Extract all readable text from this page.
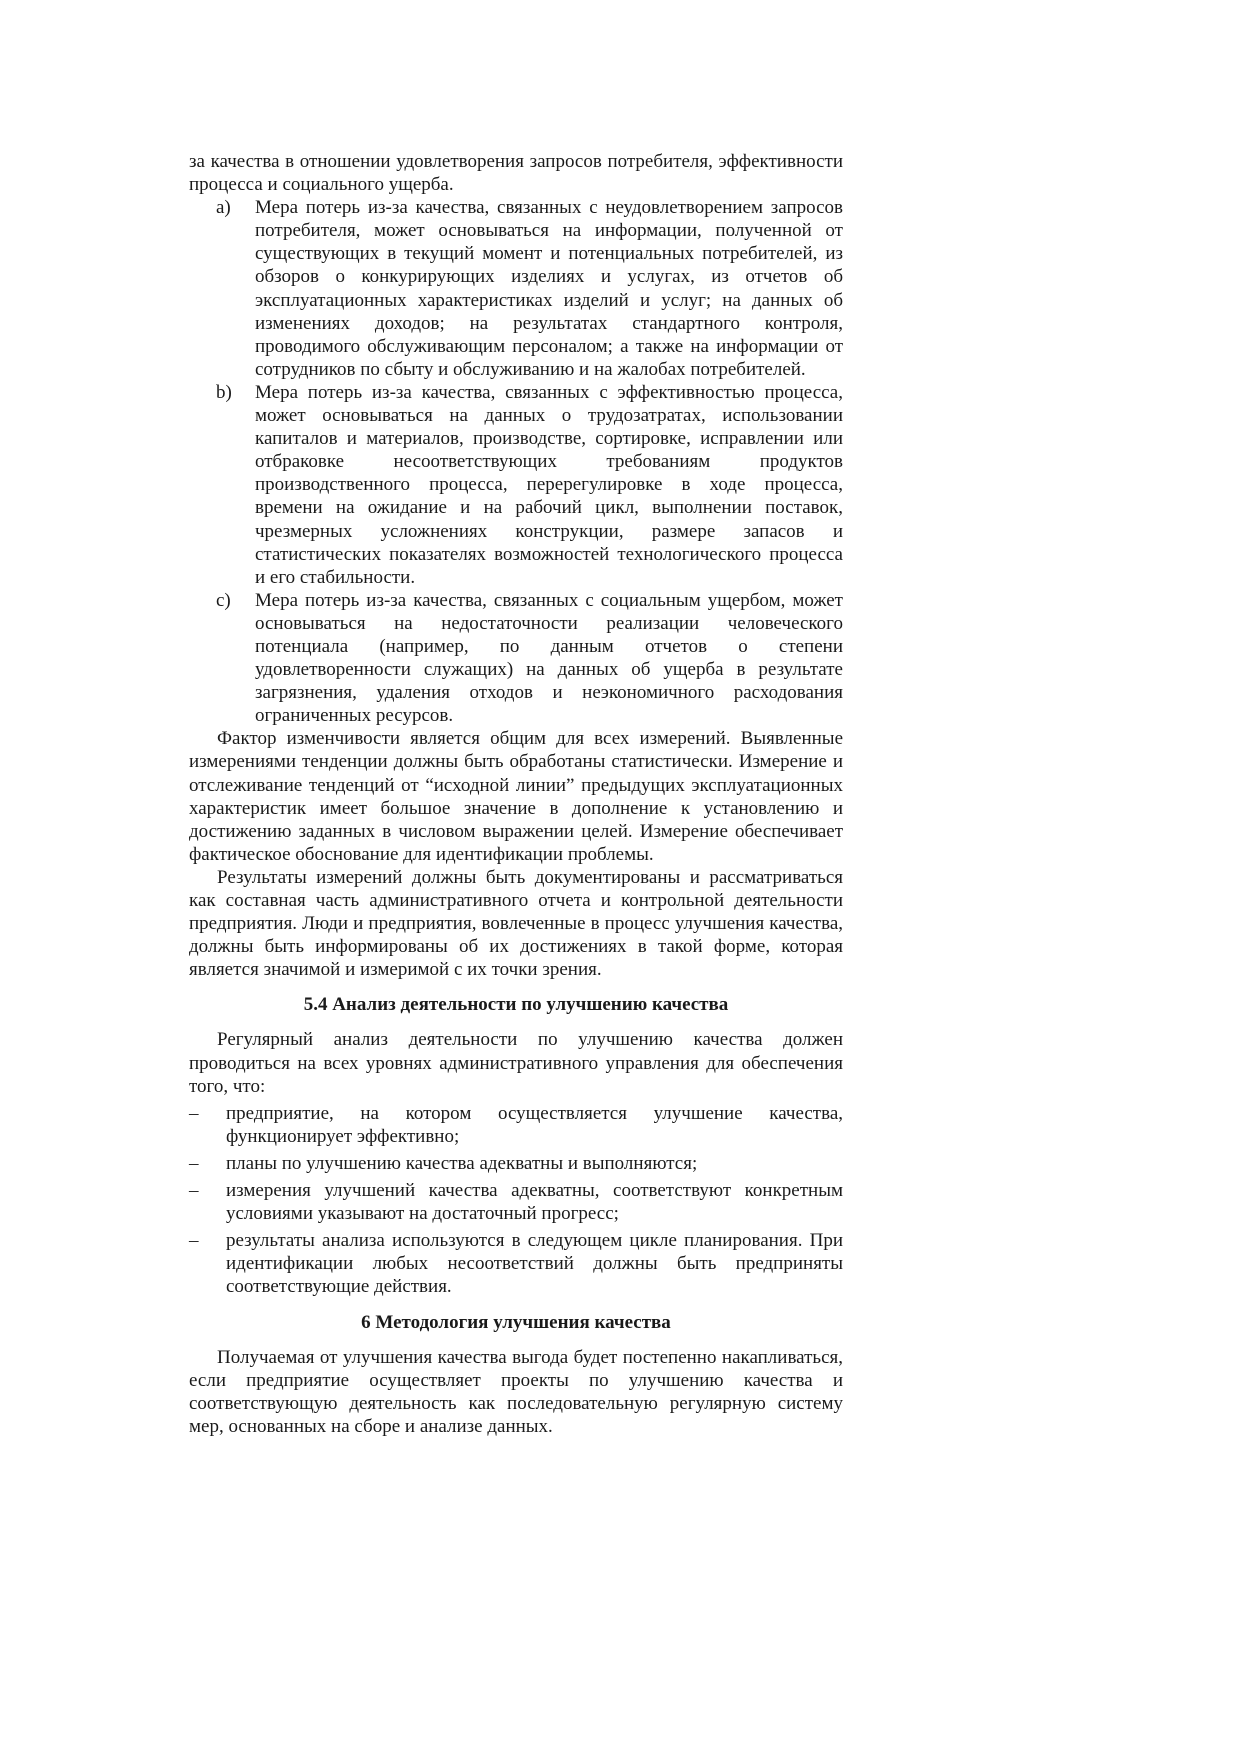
за качества в отношении удовлетворения запросов потребителя, эффективности процесса и социального ущерба.

а) Мера потерь из-за качества, связанных с неудовлетворением запросов потребителя, может основываться на информации, полученной от существующих в текущий момент и потенциальных потребителей, из обзоров о конкурирующих изделиях и услугах, из отчетов об эксплуатационных характеристиках изделий и услуг; на данных об изменениях доходов; на результатах стандартного контроля, проводимого обслуживающим персоналом; а также на информации от сотрудников по сбыту и обслуживанию и на жалобах потребителей.
b) Мера потерь из-за качества, связанных с эффективностью процесса, может основываться на данных о трудозатратах, использовании капиталов и материалов, производстве, сортировке, исправлении или отбраковке несоответствующих требованиям продуктов производственного процесса, перерегулировке в ходе процесса, времени на ожидание и на рабочий цикл, выполнении поставок, чрезмерных усложнениях конструкции, размере запасов и статистических показателях возможностей технологического процесса и его стабильности.
с) Мера потерь из-за качества, связанных с социальным ущербом, может основываться на недостаточности реализации человеческого потенциала (например, по данным отчетов о степени удовлетворенности служащих) на данных об ущерба в результате загрязнения, удаления отходов и неэкономичного расходования ограниченных ресурсов.

Фактор изменчивости является общим для всех измерений. Выявленные измерениями тенденции должны быть обработаны статистически. Измерение и отслеживание тенденций от “исходной линии” предыдущих эксплуатационных характеристик имеет большое значение в дополнение к установлению и достижению заданных в числовом выражении целей. Измерение обеспечивает фактическое обоснование для идентификации проблемы.

Результаты измерений должны быть документированы и рассматриваться как составная часть административного отчета и контрольной деятельности предприятия. Люди и предприятия, вовлеченные в процесс улучшения качества, должны быть информированы об их достижениях в такой форме, которая является значимой и измеримой с их точки зрения.

5.4 Анализ деятельности по улучшению качества

Регулярный анализ деятельности по улучшению качества должен проводиться на всех уровнях административного управления для обеспечения того, что:

– предприятие, на котором осуществляется улучшение качества, функционирует эффективно;
– планы по улучшению качества адекватны и выполняются;
– измерения улучшений качества адекватны, соответствуют конкретным условиями указывают на достаточный прогресс;
– результаты анализа используются в следующем цикле планирования. При идентификации любых несоответствий должны быть предприняты соответствующие действия.
6 Методология улучшения качества

Получаемая от улучшения качества выгода будет постепенно накапливаться, если предприятие осуществляет проекты по улучшению качества и соответствующую деятельность как последовательную регулярную систему мер, основанных на сборе и анализе данных.
